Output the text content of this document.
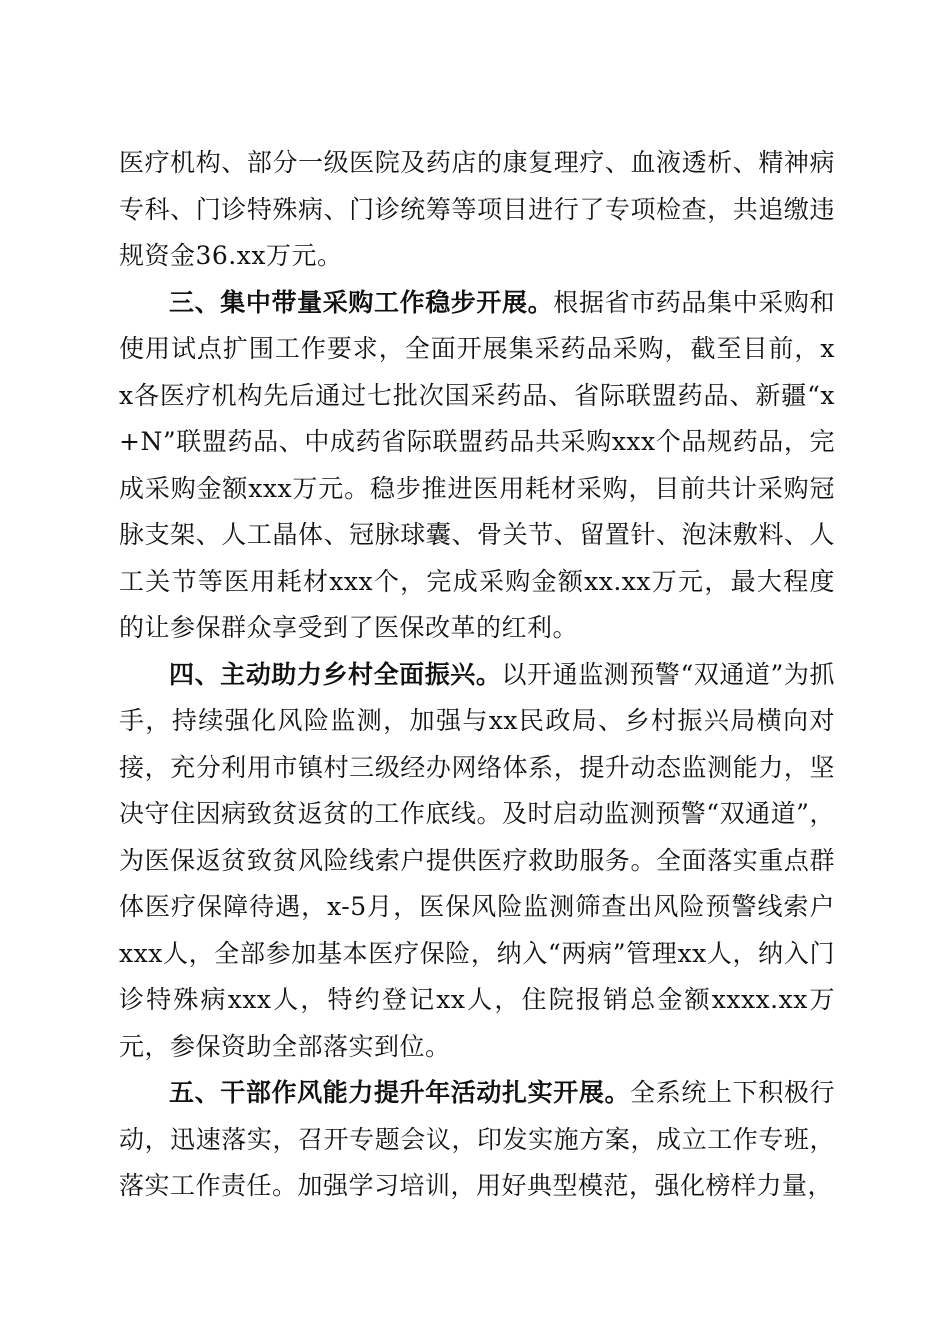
医疗机构、部分一级医院及药店的康复理疗、血液透析、精神病专科、门诊特殊病、门诊统筹等项目进行了专项检查，共追缴违规资金36.xx万元。

三、集中带量采购工作稳步开展。根据省市药品集中采购和使用试点扩围工作要求，全面开展集采药品采购，截至目前，xx各医疗机构先后通过七批次国采药品、省际联盟药品、新疆“x+N”联盟药品、中成药省际联盟药品共采购xxx个品规药品，完成采购金额xxx万元。稳步推进医用耗材采购，目前共计采购冠脉支架、人工晶体、冠脉球囊、骨关节、留置针、泡沫敷料、人工关节等医用耗材xxx个，完成采购金额xx.xx万元，最大程度的让参保群众享受到了医保改革的红利。

四、主动助力乡村全面振兴。以开通监测预警“双通道”为抓手，持续强化风险监测，加强与xx民政局、乡村振兴局横向对接，充分利用市镇村三级经办网络体系，提升动态监测能力，坚决守住因病致贫返贫的工作底线。及时启动监测预警“双通道”，为医保返贫致贫风险线索户提供医疗救助服务。全面落实重点群体医疗保障待遇，x-5月，医保风险监测筛查出风险预警线索户xxx人，全部参加基本医疗保险，纳入“两病”管理xx人，纳入门诊特殊病xxx人，特约登记xx人，住院报销总金额xxxx.xx万元，参保资助全部落实到位。

五、干部作风能力提升年活动扎实开展。全系统上下积极行动，迅速落实，召开专题会议，印发实施方案，成立工作专班，落实工作责任。加强学习培训，用好典型模范，强化榜样力量，
